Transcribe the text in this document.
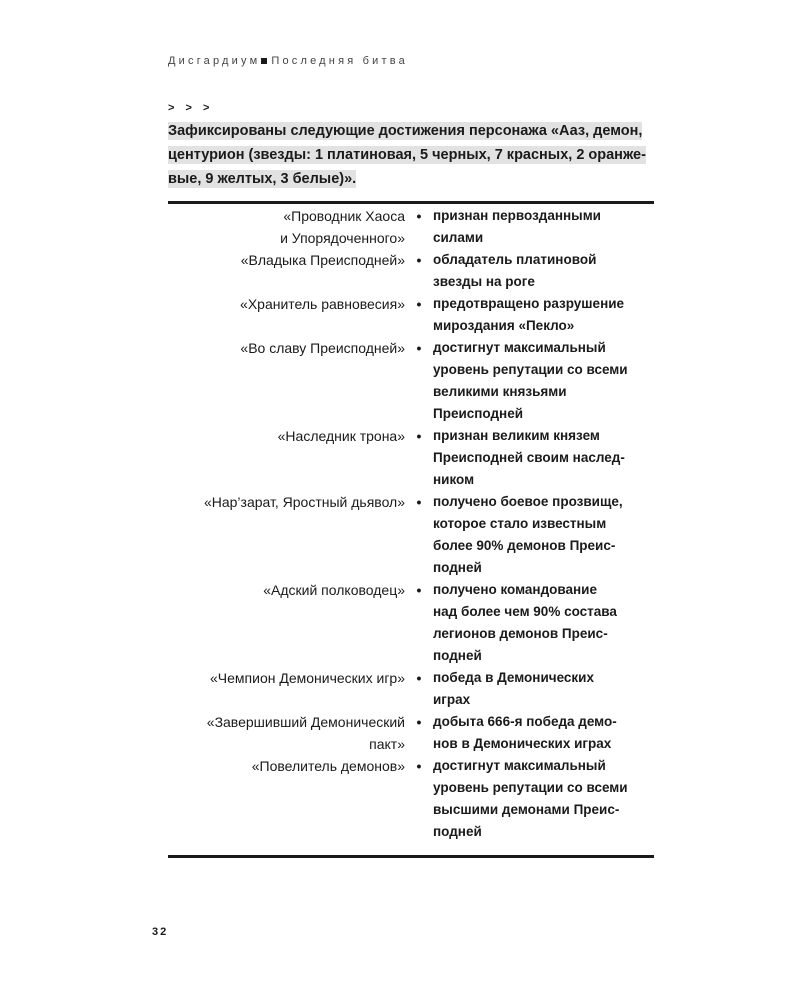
Дисгардиум Последняя битва
> > >
Зафиксированы следующие достижения персонажа «Ааз, демон,
центурион (звезды: 1 платиновая, 5 черных, 7 красных, 2 оранже-
вые, 9 желтых, 3 белые)».
«Проводник Хаоса
и Упорядоченного»
• признан первозданными
силами
«Владыка Преисподней» • обладатель платиновой
звезды на роге
«Хранитель равновесия» • предотвращено разрушение
мироздания «Пекло»
«Во славу Преисподней» • достигнут максимальный
уровень репутации со всеми
великими князьями
Преисподней
«Наследник трона» • признан великим князем
Преисподней своим наслед-
ником
«Нар’зарат, Яростный дьявол» • получено боевое прозвище,
которое стало известным
более 90% демонов Преис-
подней
«Адский полководец» • получено командование
над более чем 90% состава
легионов демонов Преис-
подней
«Чемпион Демонических игр» • победа в Демонических
играх
«Завершивший Демонический
пакт»
• добыта 666-я победа демо-
нов в Демонических играх
«Повелитель демонов» • достигнут максимальный
уровень репутации со всеми
высшими демонами Преис-
подней
32
